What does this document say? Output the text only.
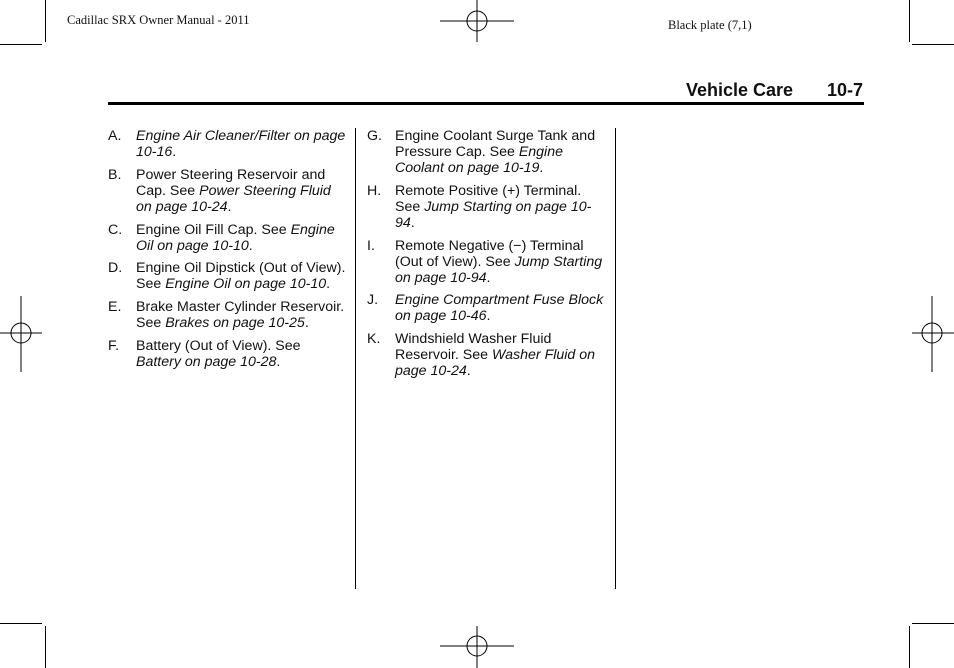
Cadillac SRX Owner Manual - 2011	Black plate (7,1)
Vehicle Care 10-7
A. Engine Air Cleaner/Filter on page 10-16.
B. Power Steering Reservoir and Cap. See Power Steering Fluid on page 10-24.
C. Engine Oil Fill Cap. See Engine Oil on page 10-10.
D. Engine Oil Dipstick (Out of View). See Engine Oil on page 10-10.
E. Brake Master Cylinder Reservoir. See Brakes on page 10-25.
F. Battery (Out of View). See Battery on page 10-28.
G. Engine Coolant Surge Tank and Pressure Cap. See Engine Coolant on page 10-19.
H. Remote Positive (+) Terminal. See Jump Starting on page 10-94.
I. Remote Negative (−) Terminal (Out of View). See Jump Starting on page 10-94.
J. Engine Compartment Fuse Block on page 10-46.
K. Windshield Washer Fluid Reservoir. See Washer Fluid on page 10-24.
